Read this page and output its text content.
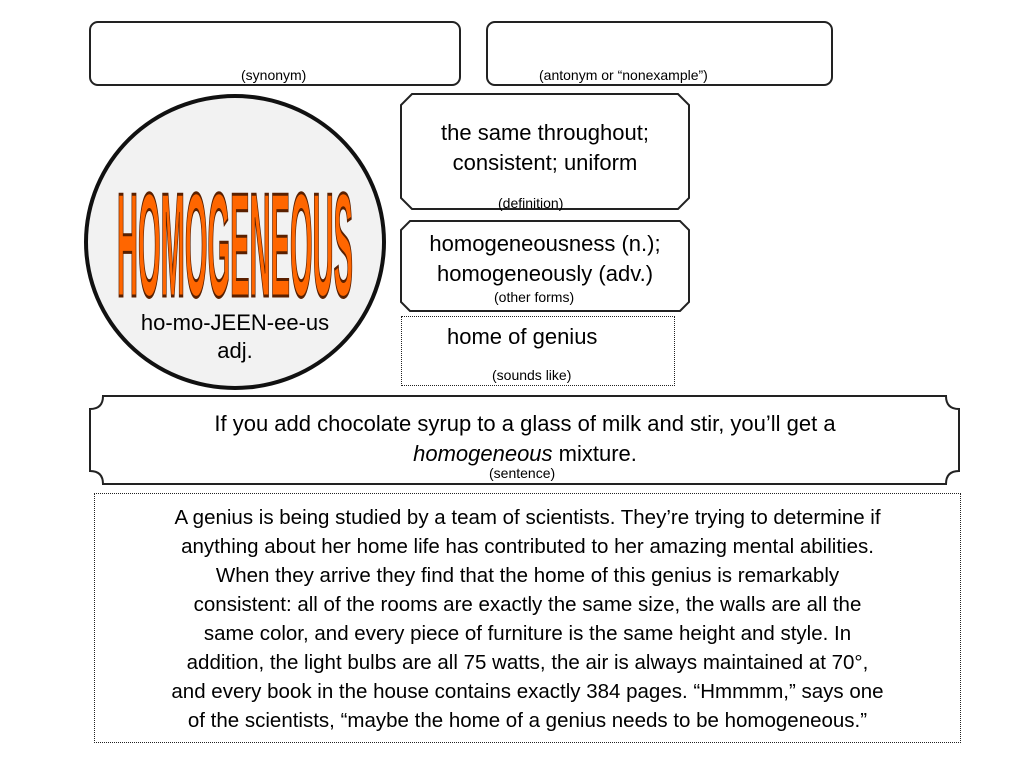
(synonym)	(antonym or “nonexample”)
HOMOGENEOUS
ho-mo-JEEN-ee-us
adj.
the same throughout;
consistent; uniform
(definition)
homogeneousness (n.);
homogeneously (adv.)
(other forms)
home of genius
(sounds like)
If you add chocolate syrup to a glass of milk and stir, you’ll get a
homogeneous mixture.
(sentence)
A genius is being studied by a team of scientists. They’re trying to determine if
anything about her home life has contributed to her amazing mental abilities.
When they arrive they find that the home of this genius is remarkably
consistent: all of the rooms are exactly the same size, the walls are all the
same color, and every piece of furniture is the same height and style. In
addition, the light bulbs are all 75 watts, the air is always maintained at 70°,
and every book in the house contains exactly 384 pages. “Hmmmm,” says one
of the scientists, “maybe the home of a genius needs to be homogeneous.”
